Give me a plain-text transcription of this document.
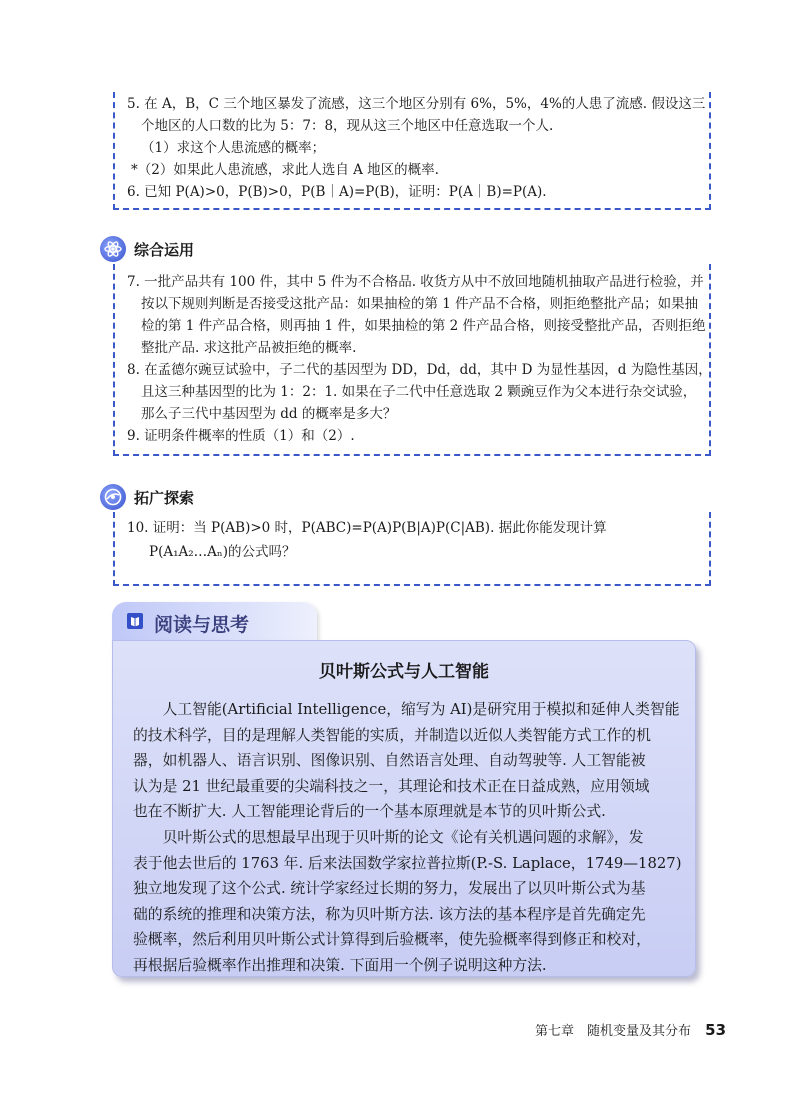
5. 在 A，B，C 三个地区暴发了流感，这三个地区分别有 6%，5%，4%的人患了流感. 假设这三
个地区的人口数的比为 5：7：8，现从这三个地区中任意选取一个人.
（1）求这个人患流感的概率；
*（2）如果此人患流感，求此人选自 A 地区的概率.
6. 已知 P(A)>0，P(B)>0，P(B｜A)=P(B)，证明：P(A｜B)=P(A).
综合运用
7. 一批产品共有 100 件，其中 5 件为不合格品. 收货方从中不放回地随机抽取产品进行检验，并
按以下规则判断是否接受这批产品：如果抽检的第 1 件产品不合格，则拒绝整批产品；如果抽
检的第 1 件产品合格，则再抽 1 件，如果抽检的第 2 件产品合格，则接受整批产品，否则拒绝
整批产品. 求这批产品被拒绝的概率.
8. 在孟德尔豌豆试验中，子二代的基因型为 DD，Dd，dd，其中 D 为显性基因，d 为隐性基因，
且这三种基因型的比为 1：2：1. 如果在子二代中任意选取 2 颗豌豆作为父本进行杂交试验，
那么子三代中基因型为 dd 的概率是多大？
9. 证明条件概率的性质（1）和（2）.
拓广探索
10. 证明：当 P(AB)>0 时，P(ABC)=P(A)P(B|A)P(C|AB). 据此你能发现计算
P(A₁A₂…Aₙ)的公式吗？
阅读与思考
贝叶斯公式与人工智能

　　人工智能(Artificial Intelligence，缩写为 AI)是研究用于模拟和延伸人类智能

的技术科学，目的是理解人类智能的实质，并制造以近似人类智能方式工作的机

器，如机器人、语言识别、图像识别、自然语言处理、自动驾驶等. 人工智能被

认为是 21 世纪最重要的尖端科技之一，其理论和技术正在日益成熟，应用领域

也在不断扩大. 人工智能理论背后的一个基本原理就是本节的贝叶斯公式.

　　贝叶斯公式的思想最早出现于贝叶斯的论文《论有关机遇问题的求解》，发

表于他去世后的 1763 年. 后来法国数学家拉普拉斯(P.-S. Laplace，1749—1827)

独立地发现了这个公式. 统计学家经过长期的努力，发展出了以贝叶斯公式为基

础的系统的推理和决策方法，称为贝叶斯方法. 该方法的基本程序是首先确定先

验概率，然后利用贝叶斯公式计算得到后验概率，使先验概率得到修正和校对，

再根据后验概率作出推理和决策. 下面用一个例子说明这种方法.

第七章　随机变量及其分布 53
